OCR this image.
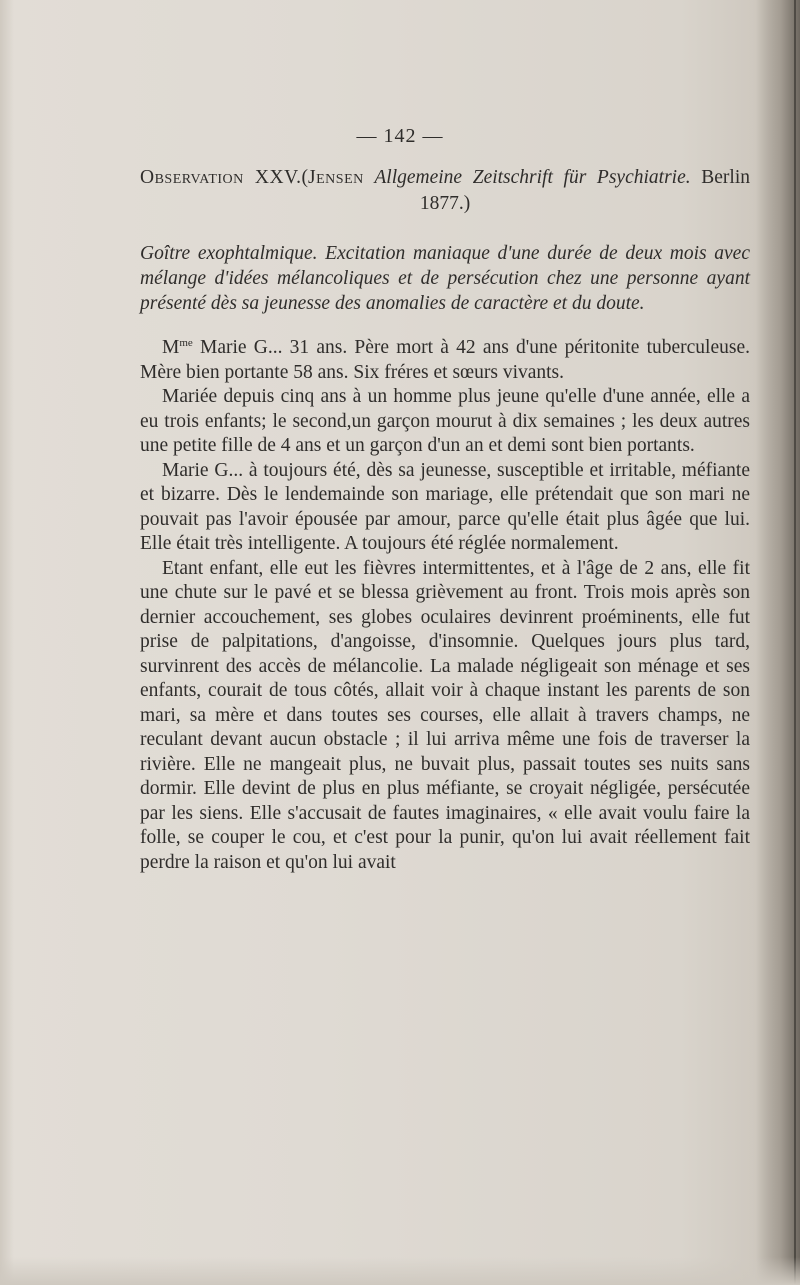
— 142 —

Observation XXV.(Jensen Allgemeine Zeitschrift für Psychiatrie. Berlin 1877.)

Goître exophtalmique. Excitation maniaque d'une durée de deux mois avec mélange d'idées mélancoliques et de persécution chez une personne ayant présenté dès sa jeunesse des anomalies de caractère et du doute.

$M^{me}$ Marie G... 31 ans. Père mort à 42 ans d'une péritonite tuberculeuse. Mère bien portante 58 ans. Six fréres et sœurs vivants.

Mariée depuis cinq ans à un homme plus jeune qu'elle d'une année, elle a eu trois enfants; le second,un garçon mourut à dix semaines ; les deux autres une petite fille de 4 ans et un garçon d'un an et demi sont bien portants.

Marie G... à toujours été, dès sa jeunesse, susceptible et irritable, méfiante et bizarre. Dès le lendemainde son mariage, elle prétendait que son mari ne pouvait pas l'avoir épousée par amour, parce qu'elle était plus âgée que lui. Elle était très intelligente. A toujours été réglée normalement.

Etant enfant, elle eut les fièvres intermittentes, et à l'âge de 2 ans, elle fit une chute sur le pavé et se blessa grièvement au front. Trois mois après son dernier accouchement, ses globes oculaires devinrent proéminents, elle fut prise de palpitations, d'angoisse, d'insomnie. Quelques jours plus tard, survinrent des accès de mélancolie. La malade négligeait son ménage et ses enfants, courait de tous côtés, allait voir à chaque instant les parents de son mari, sa mère et dans toutes ses courses, elle allait à travers champs, ne reculant devant aucun obstacle ; il lui arriva même une fois de traverser la rivière. Elle ne mangeait plus, ne buvait plus, passait toutes ses nuits sans dormir. Elle devint de plus en plus méfiante, se croyait négligée, persécutée par les siens. Elle s'accusait de fautes imaginaires, « elle avait voulu faire la folle, se couper le cou, et c'est pour la punir, qu'on lui avait réellement fait perdre la raison et qu'on lui avait
